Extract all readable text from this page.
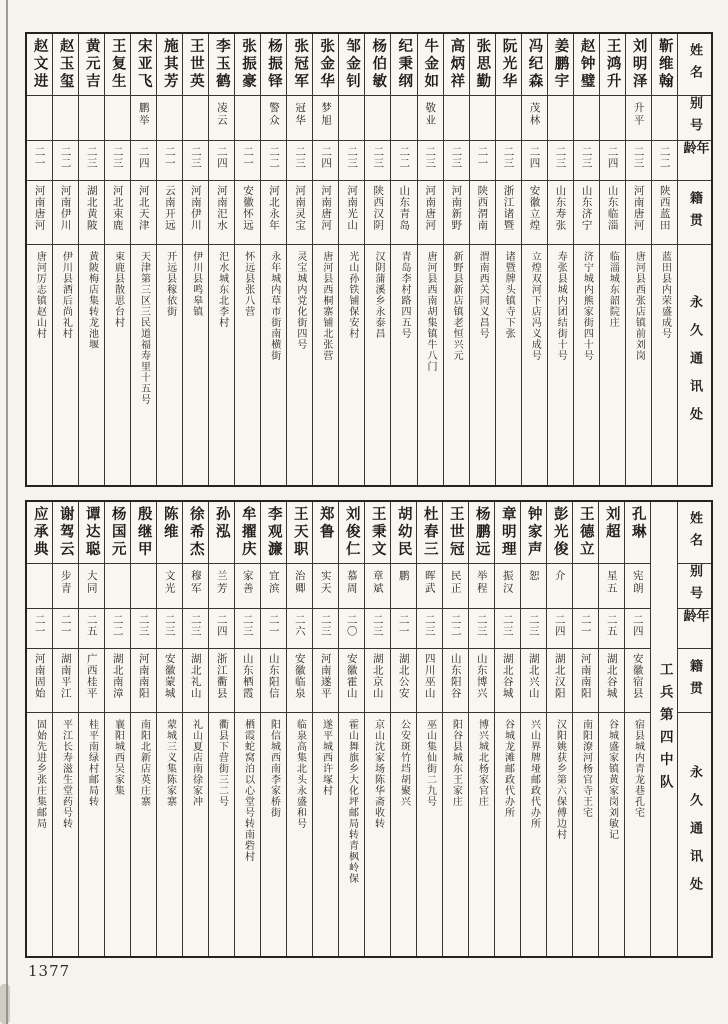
姓名
别号
年龄
籍贯
永久通讯处
靳维翰
二二
陕西蓝田
蓝田县内荣盛成号
刘明泽
升平
二三
河南唐河
唐河县西张店镇前刘岗
王鸿升
二四
山东临淄
临淄城东韶院庄
赵钟璧
二三
山东济宁
济宁城内熊家街四十号
姜鹏宇
二三
山东寿张
寿张县城内团结街十号
冯纪森
茂林
二四
安徽立煌
立煌双河下店冯义成号
阮光华
二三
浙江诸暨
诸暨牌头镇寺下张
张思勤
二一
陕西渭南
渭南西关同义昌号
高炳祥
二三
河南新野
新野县新店镇老恒兴元
牛金如
敬业
二三
河南唐河
唐河县西南胡集镇牛八门
纪秉纲
二二
山东青岛
青岛李村路四五号
杨伯敏
二三
陕西汉阴
汉阴蒲溪乡永泰昌
邹金钊
二三
河南光山
光山孙铁铺保安村
张金华
梦旭
二四
河南唐河
唐河县西桐寨铺北张营
张冠军
冠华
二三
河南灵宝
灵宝城内党化街四号
杨振铎
警众
二二
河北永年
永年城内草市街南横街
张振豪
二一
安徽怀远
怀远县张八营
李玉鹤
凌云
二四
河南汜水
汜水城东北李村
王世英
二三
河南伊川
伊川县鸣皋镇
施其芳
二一
云南开远
开远县稼依街
宋亚飞
鹏举
二四
河北天津
天津第三区三民道福寿里十五号
王复生
二三
河北束鹿
束鹿县散思台村
黄元吉
二三
湖北黄陂
黄陂梅店集转龙池堰
赵玉玺
二二
河南伊川
伊川县酒后尚礼村
赵文进
二一
河南唐河
唐河厉志镇赵山村
姓名
别号
年龄
籍贯
永久通讯处
工兵第四中队
孔琳
宪朗
二四
安徽宿县
宿县城内青龙巷孔宅
刘超
星五
二五
湖北谷城
谷城盛家镇黄家岗刘敏记
王德立
二一
河南南阳
南阳潦河杨官寺王宅
彭光俊
介
二四
湖北汉阳
汉阳姚获乡第六保傅边村
钟家声
恕
二三
湖北兴山
兴山界牌垭邮政代办所
章明理
振汉
二三
湖北谷城
谷城龙滩邮政代办所
杨鹏远
举程
二三
山东博兴
博兴城北杨家官庄
王世冠
民正
二二
山东阳谷
阳谷县城东王家庄
杜春三
晖武
二三
四川巫山
巫山集仙街二九号
胡幼民
鹏
二一
湖北公安
公安斑竹垱胡聚兴
王秉文
章斌
二三
湖北京山
京山沈家场陈华斋收转
刘俊仁
慕周
二〇
安徽霍山
霍山舞旗乡大化坪邮局转青枫岭保
郑鲁
实天
二三
河南遂平
遂平城西许塚村
王天职
治卿
二六
安徽临泉
临泉高集北头永盛和号
李观濂
宜滨
二一
山东阳信
阳信城西南李家桥街
牟擢庆
家善
二三
山东栖霞
栖霞蛇窝泊以心堂号转南砦村
孙泓
兰芳
二四
浙江衢县
衢县下营街三二号
徐希杰
穆军
二三
湖北礼山
礼山夏店南徐家冲
陈维
文光
二三
安徽蒙城
蒙城三义集陈家寨
殷继甲
二三
河南南阳
南阳北新店英庄寨
杨国元
二二
湖北南漳
襄阳城西吴家集
谭达聪
大同
二五
广西桂平
桂平南绿村邮局转
谢驾云
步青
二一
湖南平江
平江长寿滋生堂药号转
应承典
二一
河南固始
固始先进乡张庄集邮局
1377
